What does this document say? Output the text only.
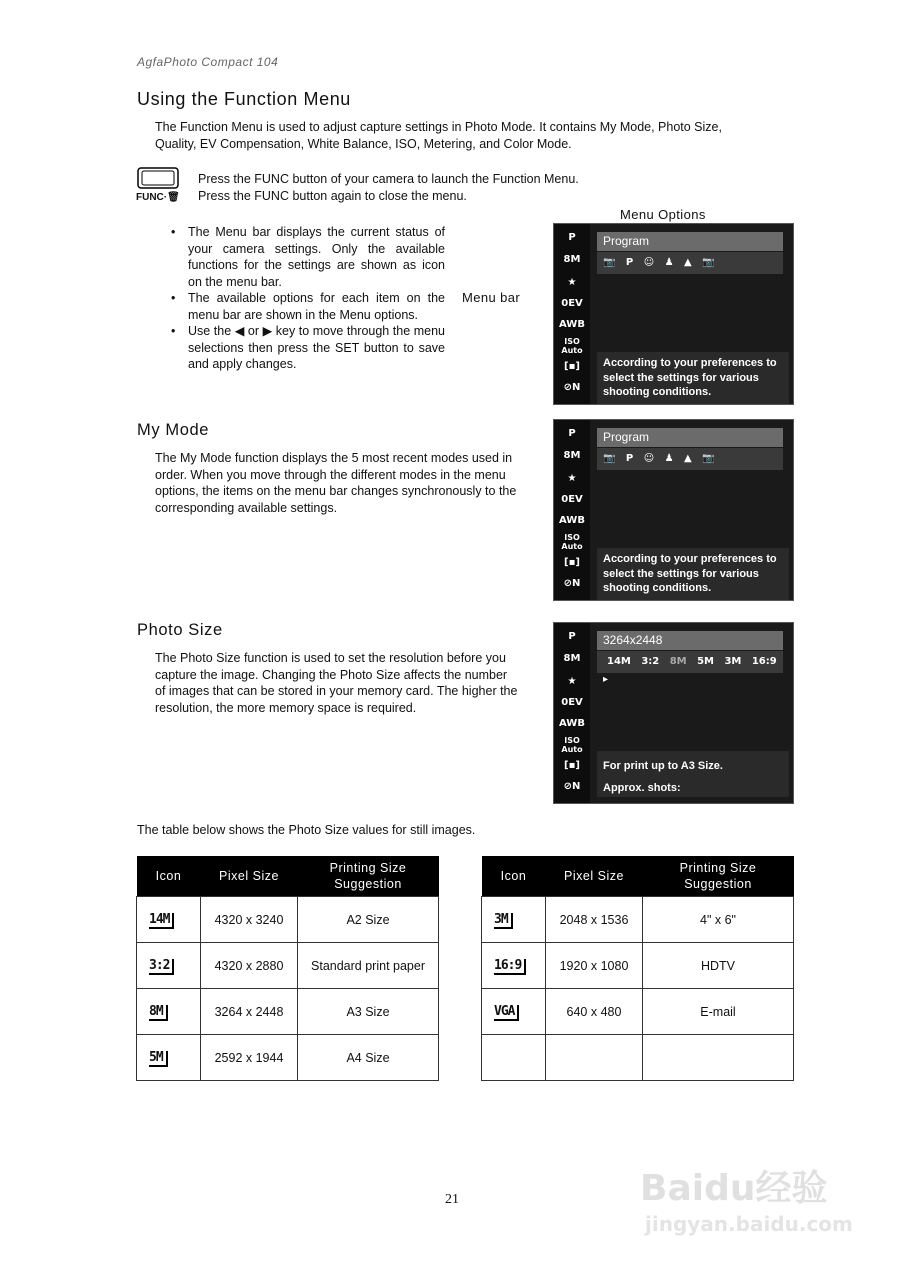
AgfaPhoto Compact 104
Using the Function Menu
The Function Menu is used to adjust capture settings in Photo Mode. It contains My Mode, Photo Size, Quality, EV Compensation, White Balance, ISO, Metering, and Color Mode.
FUNC·🗑
Press the FUNC button of your camera to launch the Function Menu.
Press the FUNC button again to close the menu.
Menu Options
• The Menu bar displays the current status of your camera settings. Only the available functions for the settings are shown as icon on the menu bar.
• The available options for each item on the menu bar are shown in the Menu options.
• Use the ◀ or ▶ key to move through the menu selections then press the SET button to save and apply changes.
Menu bar
P
8M
★
0EV
AWB
ISO Auto
[▪]
⊘N
Program
📷 P ☺ ♟ ▲ 📷
According to your preferences to select the settings for various shooting conditions.
My Mode
The My Mode function displays the 5 most recent modes used in order. When you move through the different modes in the menu options, the items on the menu bar changes synchronously to the corresponding available settings.
P
8M
★
0EV
AWB
ISO Auto
[▪]
⊘N
Program
📷 P ☺ ♟ ▲ 📷
According to your preferences to select the settings for various shooting conditions.
Photo Size
The Photo Size function is used to set the resolution before you capture the image. Changing the Photo Size affects the number of images that can be stored in your memory card. The higher the resolution, the more memory space is required.
P
8M
★
0EV
AWB
ISO Auto
[▪]
⊘N
3264x2448
14M 3:2 8M 5M 3M 16:9 ▸
For print up to A3 Size.
Approx. shots:
The table below shows the Photo Size values for still images.
Icon	Pixel Size	Printing Size Suggestion
14M	4320 x 3240	A2 Size
3:2	4320 x 2880	Standard print paper
8M	3264 x 2448	A3 Size
5M	2592 x 1944	A4 Size
Icon	Pixel Size	Printing Size Suggestion
3M	2048 x 1536	4" x 6"
16:9	1920 x 1080	HDTV
VGA	640 x 480	E-mail

21	Baidu经验
jingyan.baidu.com
